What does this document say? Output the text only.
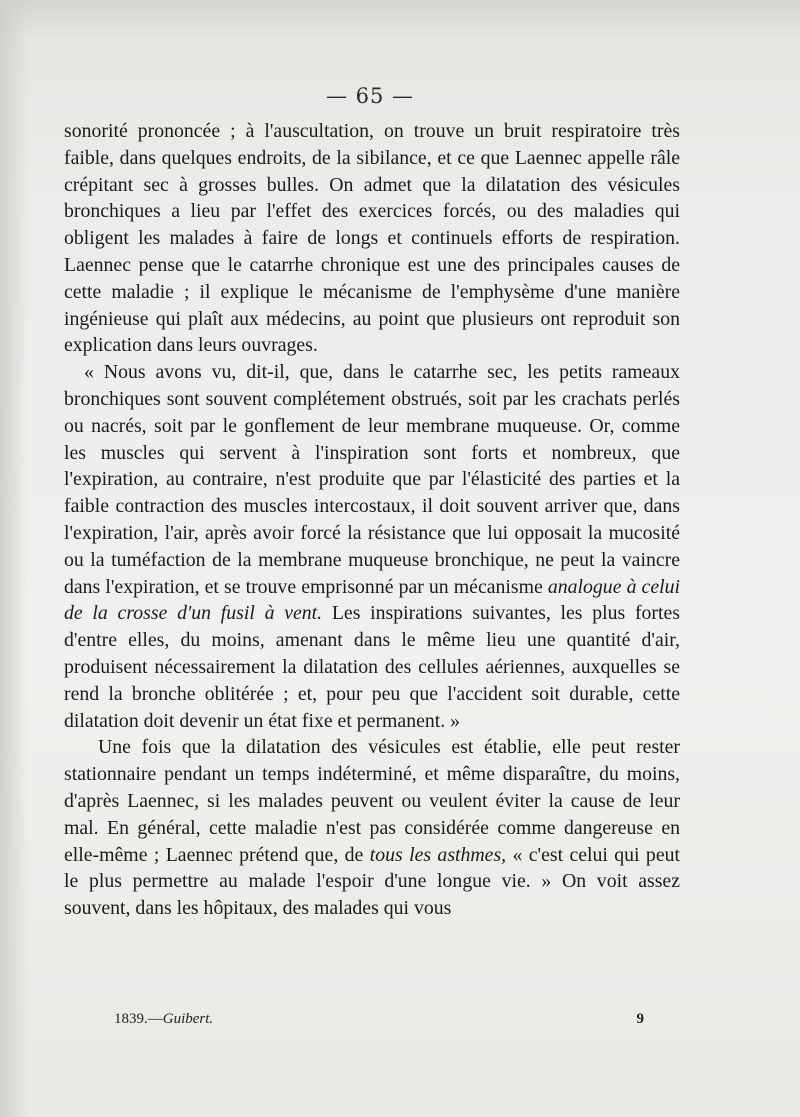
— 65 —

sonorité prononcée ; à l'auscultation, on trouve un bruit respiratoire très faible, dans quelques endroits, de la sibilance, et ce que Laennec appelle râle crépitant sec à grosses bulles. On admet que la dilatation des vésicules bronchiques a lieu par l'effet des exercices forcés, ou des maladies qui obligent les malades à faire de longs et continuels efforts de respiration. Laennec pense que le catarrhe chronique est une des principales causes de cette maladie ; il explique le mécanisme de l'emphysème d'une manière ingénieuse qui plaît aux médecins, au point que plusieurs ont reproduit son explication dans leurs ouvrages.

« Nous avons vu, dit-il, que, dans le catarrhe sec, les petits rameaux bronchiques sont souvent complétement obstrués, soit par les crachats perlés ou nacrés, soit par le gonflement de leur membrane muqueuse. Or, comme les muscles qui servent à l'inspiration sont forts et nombreux, que l'expiration, au contraire, n'est produite que par l'élasticité des parties et la faible contraction des muscles intercostaux, il doit souvent arriver que, dans l'expiration, l'air, après avoir forcé la résistance que lui opposait la mucosité ou la tuméfaction de la membrane muqueuse bronchique, ne peut la vaincre dans l'expiration, et se trouve emprisonné par un mécanisme analogue à celui de la crosse d'un fusil à vent. Les inspirations suivantes, les plus fortes d'entre elles, du moins, amenant dans le même lieu une quantité d'air, produisent nécessairement la dilatation des cellules aériennes, auxquelles se rend la bronche oblitérée ; et, pour peu que l'accident soit durable, cette dilatation doit devenir un état fixe et permanent. »

Une fois que la dilatation des vésicules est établie, elle peut rester stationnaire pendant un temps indéterminé, et même disparaître, du moins, d'après Laennec, si les malades peuvent ou veulent éviter la cause de leur mal. En général, cette maladie n'est pas considérée comme dangereuse en elle-même ; Laennec prétend que, de tous les asthmes, « c'est celui qui peut le plus permettre au malade l'espoir d'une longue vie. » On voit assez souvent, dans les hôpitaux, des malades qui vous

1839.—Guibert.	9
